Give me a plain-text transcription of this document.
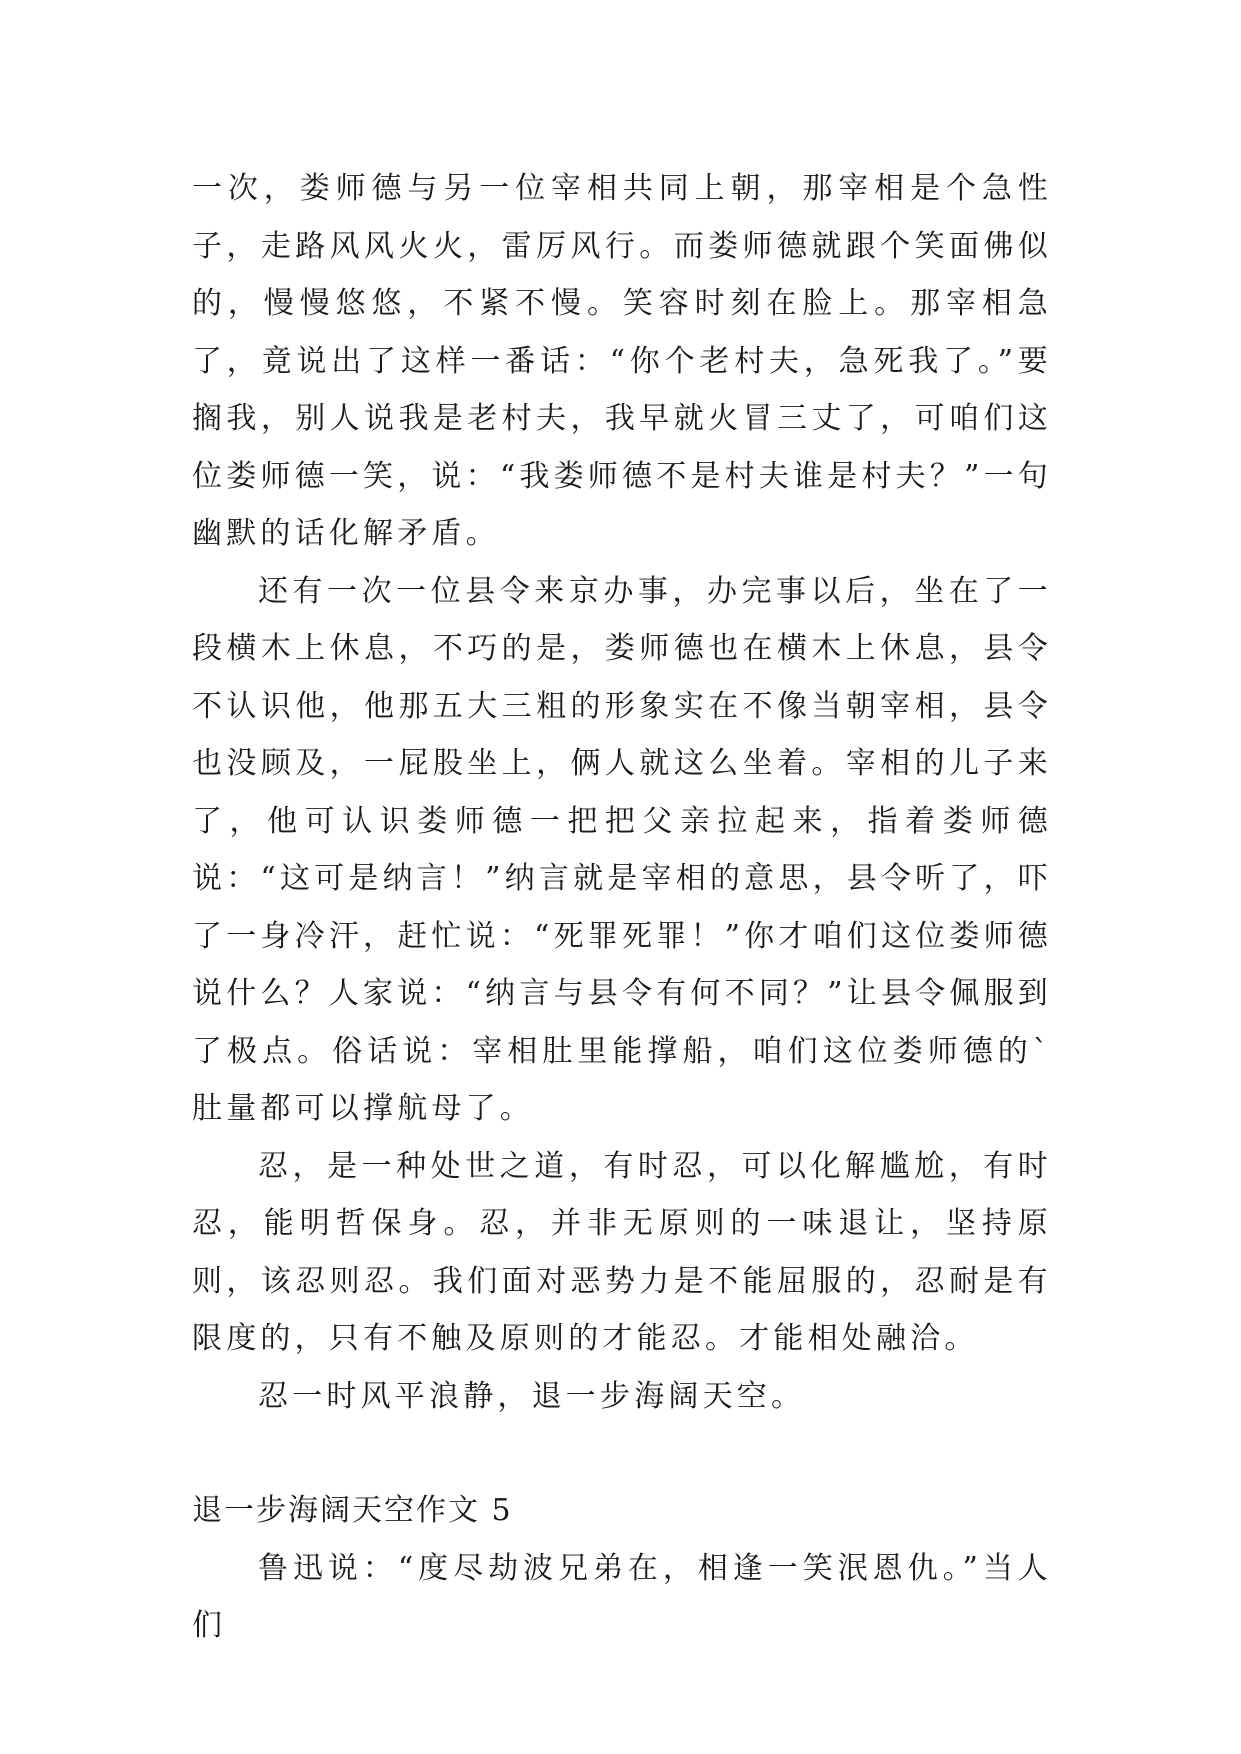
一次，娄师德与另一位宰相共同上朝，那宰相是个急性子，走路风风火火，雷厉风行。而娄师德就跟个笑面佛似的，慢慢悠悠，不紧不慢。笑容时刻在脸上。那宰相急了，竟说出了这样一番话：“你个老村夫，急死我了。”要搁我，别人说我是老村夫，我早就火冒三丈了，可咱们这位娄师德一笑，说：“我娄师德不是村夫谁是村夫？”一句幽默的话化解矛盾。

还有一次一位县令来京办事，办完事以后，坐在了一段横木上休息，不巧的是，娄师德也在横木上休息，县令不认识他，他那五大三粗的形象实在不像当朝宰相，县令也没顾及，一屁股坐上，俩人就这么坐着。宰相的儿子来了，他可认识娄师德一把把父亲拉起来，指着娄师德说：“这可是纳言！”纳言就是宰相的意思，县令听了，吓了一身冷汗，赶忙说：“死罪死罪！”你才咱们这位娄师德说什么？人家说：“纳言与县令有何不同？”让县令佩服到了极点。俗话说：宰相肚里能撑船，咱们这位娄师德的`肚量都可以撑航母了。

忍，是一种处世之道，有时忍，可以化解尴尬，有时忍，能明哲保身。忍，并非无原则的一味退让，坚持原则，该忍则忍。我们面对恶势力是不能屈服的，忍耐是有限度的，只有不触及原则的才能忍。才能相处融洽。

忍一时风平浪静，退一步海阔天空。

退一步海阔天空作文 5

鲁迅说：“度尽劫波兄弟在，相逢一笑泯恩仇。”当人们
